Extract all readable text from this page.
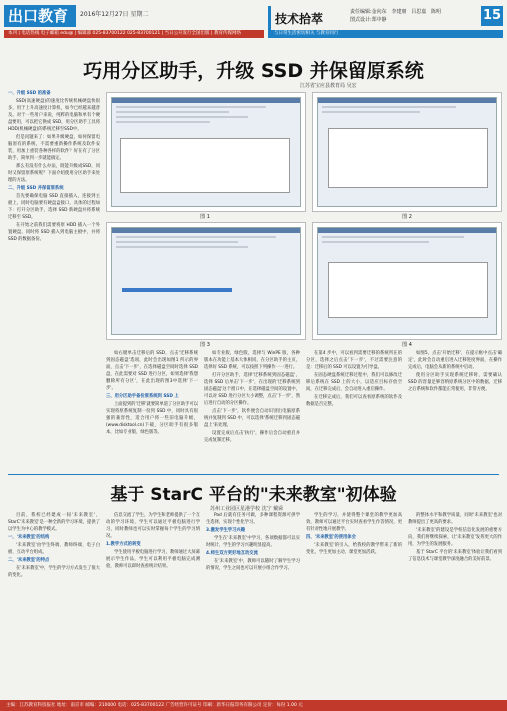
出口教育	2016年12月27日 星期二
本刊 | 电话热线 电子邮箱 edu@ | 编辑部 025-83700122 025-83700121 | 当日公开发行全国出版 | 教育传媒网络
技术拾萃	责任编辑:金向东   李建朋   吕思嘉   陈明
图式设计:郑中静	15
与日常生活密切相关 与教育同行
巧用分区助手，升级 SSD 并保留原系统
江苏省宝应县教育局 吴宏

一、升级 SSD 的准备

SSD(高速硬盘)的速度比传统机械硬盘快很多，用于上升高速度计算机，如今已经越来越普及。对于一些用户来说，纯粹的电脑和单有个硬盘要用，可以把它换成 SSD，用分区助手工具将HDD(机械硬盘)的系统迁移至SSD中。

但是问题来了：如果升级硬盘，如何保留电脑原有的系统，不需要重新操作系统及软件安装，用加上重装各种各样的软件？好在有了分区助手，简单到一步就能搞定。

那么有没有什么办法，既能升级成SSD，同时又保留原系统呢？下面介绍使用分区助手来处理的方法。

二、升级 SSD 并保留原系统

首先要确保电脑 SSD 直接插入，连接到主板上，同时电脑要有硬盘盒接口，具体的过程如下：打开分区助手，选择 SSD 新硬盘并将系统迁移至 SSD。

在开始之前我们需要将原 HDD 插入一个外置硬盘，同时将 SSD 插入到电脑主板中，并将 SSD 的数据备份。

图 1	图 2
图 3	图 4

如右键单击迁移后的 SSD，点击'迁移系统到固态磁盘'选项，此时会出现如图1 所示的界面，点击'下一步'，在选择磁盘空间时选择 SSD 盘，在此需要对 SSD 进行分区，如果选择'我想删除所有分区'，在此出现的图3中选择'下一步'。

三、用分区助手备份原系统到 SSD 上

上面提到的'迁移'就要简单道了分区助手可以实现将原系统复制一份到 SSD 中，同时具有很强的兼容性，适合用户将一些旧电脑升级，(www.disktool.cn)下载，分区助手有很多版本，比如专业版，绿色版等。

如专业版，绿色版，选择与 WinPE 版，各种版本在功能上基本大体相同，在分区助手的主页，选择好 SSD 系统，可以按照下列操作一一进行。

打开分区助手，选择'迁移系统到固态磁盘'，选择 SSD 后单击'下一步'，在出现的'迁移系统到固态磁盘'这个窗口中，在选择磁盘空间的设置中，可以对 SSD 进行分区大小调整，点击'下一步'，然后进行自动的分区操作。

点击'下一步'，软件便会自动识别出电脑原系统并复制到 SSD 中，可以选择'系统迁移到固态磁盘上'来处理。

设置完成后点击'执行'，操作后会自动重启并完成复制迁移。

在第4 步中，可以看到需要迁移的系统所在的分区，选择之后点击'下一步'，不过需要注意的是：迁移后的 SSD 可以设置为引导盘。

在固态硬盘系统迁移过程中，我们可以修改迁移后系统在 SSD 上的大小，以适应目标存放空间，在迁移完成后，会自动进入重启操作。

在迁移完成后，我们可以查看原系统的软件及数据是否完整。

如图5，点击'开始迁移'，在提示框中点击'确定'，此时会自动重启进入迁移进度界面，在操作完成后，电脑会从新的系统中启动。

使用分区助手实现系统迁移时，需要确认 SSD 的容量足够容纳原系统分区中的数据，迁移之后系统和软件都能正常使用，非常方便。

基于 StarC 平台的"未来教室"初体验
苏州工业园区星港学校 沈宁 戴舜

目前，我校已经建成一间'未来教室'，StarC'未来教室'是一种全新的学习环境，提供了以学生为中心的教学模式。

一、'未来教室'的结构

'未来教室'由学生终端、教师终端、电子白板、互动平台组成。

二、'未来教室'的特点

在'未来教室'中，学生的学习方式发生了很大的变化。

信息交流了学生，为学生和老师提供了一个互动的学习环境，学生可以通过平板电脑进行学习，同时教师也可以实时掌握每个学生的学习情况。

1.教学方式的转变

学生使用平板电脑进行学习，教师通过大屏幕展示学生作品，学生可以利用平板电脑完成测验，教师可以即时查看统计结果。

Pad 后就有任务可做，多种课程资源可供学生选择，实现个性化学习。

3.激发学生学习兴趣

学生在'未来教室'中学习，各项数据都可以实时统计，学生的学习兴趣明显提高。

4.师生双方更好地互动交流

在'未来教室'中，教师可以随时了解学生学习的情况，学生之间也可以开展小组合作学习。

学生的学习，并使得整个课堂的教学更加高效，教师可以通过平台实时查看学生作答情况，更有针对性地开展教学。

四、'未来教室'的使用体会

'未来教室'的引入，给我校的教学带来了新的变化，学生更加主动，课堂更加活跃。

的整体水平和教学质量，同时'未来教室'也对教师提出了更高的要求。

'未来教室'的建设是学校信息化发展的重要方向，我们将继续探索，让'未来教室'发挥更大的作用，为学生的发展服务。

基于 StarC 平台的'未来教室'体验让我们看到了信息技术与课堂教学深度融合的美好前景。

主编：江苏教育科技报社 地址：南京市 邮编：210000 电话：025-83700122 广告经营许可证号 印刷：新华日报印务有限公司 定价：每份 1.00 元
